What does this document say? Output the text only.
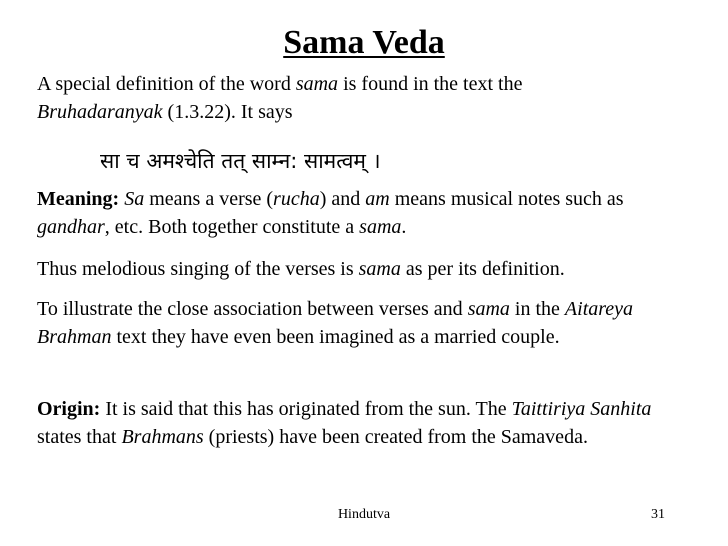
Sama Veda
A special definition of the word sama is found in the text the
Bruhadaranyak (1.3.22). It says
सा च अमश्चेति तत् साम्न: सामत्वम् ।
Meaning: Sa means a verse (rucha) and am means musical notes such as gandhar, etc. Both together constitute a sama.
Thus melodious singing of the verses is sama as per its definition.
To illustrate the close association between verses and sama in the Aitareya Brahman text they have even been imagined as a married couple.
Origin: It is said that this has originated from the sun. The Taittiriya Sanhita states that Brahmans (priests) have been created from the Samaveda.
Hindutva	31
